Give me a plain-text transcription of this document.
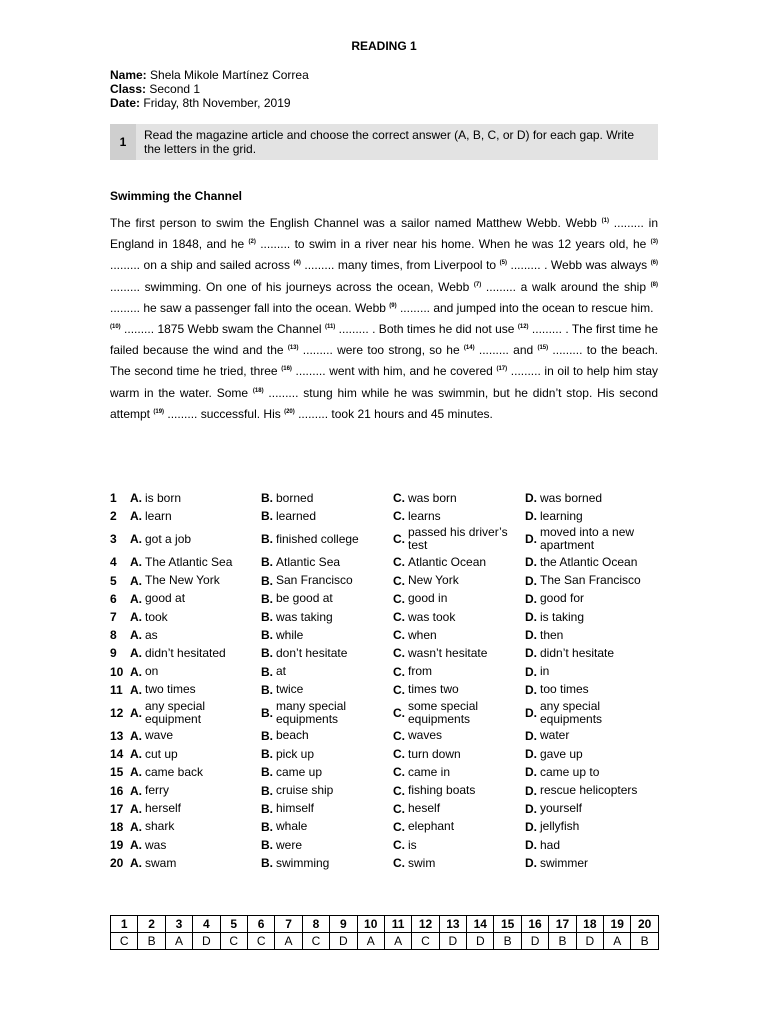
READING 1
Name: Shela Mikole Martínez Correa
Class: Second 1
Date: Friday, 8th November, 2019
1	Read the magazine article and choose the correct answer (A, B, C, or D) for each gap. Write the letters in the grid.
Swimming the Channel

The first person to swim the English Channel was a sailor named Matthew Webb. Webb $^{(1)}$ ......... in England in 1848, and he $^{(2)}$ ......... to swim in a river near his home. When he was 12 years old, he $^{(3)}$ ......... on a ship and sailed across $^{(4)}$ ......... many times, from Liverpool to $^{(5)}$ ......... . Webb was always $^{(6)}$ ......... swimming. On one of his journeys across the ocean, Webb $^{(7)}$ ......... a walk around the ship $^{(8)}$ ......... he saw a passenger fall into the ocean. Webb $^{(9)}$ ......... and jumped into the ocean to rescue him.

$^{(10)}$ ......... 1875 Webb swam the Channel $^{(11)}$ ......... . Both times he did not use $^{(12)}$ ......... . The first time he failed because the wind and the $^{(13)}$ ......... were too strong, so he $^{(14)}$ ......... and $^{(15)}$ ......... to the beach. The second time he tried, three $^{(16)}$ ......... went with him, and he covered $^{(17)}$ ......... in oil to help him stay warm in the water. Some $^{(18)}$ ......... stung him while he was swimmin, but he didn’t stop. His second attempt $^{(19)}$ ......... successful. His $^{(20)}$ ......... took 21 hours and 45 minutes.

1	A. is born	B. borned	C. was born	D. was borned
2	A. learn	B. learned	C. learns	D. learning
3	A. got a job	B. finished college	C. passed his driver’s test	D. moved into a new apartment
4	A. The Atlantic Sea B. Atlantic Sea	C. Atlantic Ocean	D. the Atlantic Ocean
5	A. The New York	B. San Francisco	C. New York	D. The San Francisco
6	A. good at	B. be good at	C. good in	D. good for
7	A. took	B. was taking	C. was took	D. is taking
8	A. as	B. while	C. when	D. then
9	A. didn’t hesitated	B. don’t hesitate	C. wasn’t hesitate	D. didn’t hesitate
10 A. on	B. at	C. from	D. in
11 A. two times	B. twice	C. times two	D. too times
12 A. any special equipment	B. many special equipments	C. some special equipments	D. any special equipments
13 A. wave	B. beach	C. waves	D. water
14 A. cut up	B. pick up	C. turn down	D. gave up
15 A. came back	B. came up	C. came in	D. came up to
16 A. ferry	B. cruise ship	C. fishing boats	D. rescue helicopters
17 A. herself	B. himself	C. heself	D. yourself
18 A. shark	B. whale	C. elephant	D. jellyfish
19 A. was	B. were	C. is	D. had
20 A. swam	B. swimming	C. swim	D. swimmer
1	2	3	4	5	6	7	8	9	10	11	12	13	14	15	16	17	18	19	20
C	B	A	D	C	C	A	C	D	A	A	C	D	D	B	D	B	D	A	B
